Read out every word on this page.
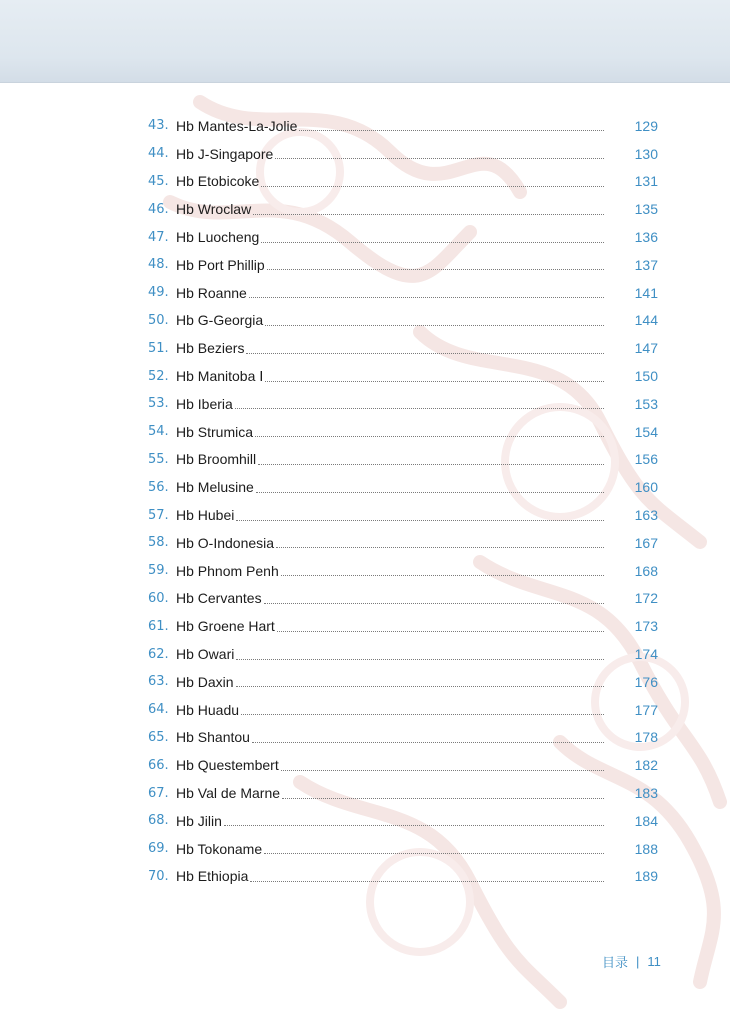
43. Hb Mantes-La-Jolie	129
44. Hb J-Singapore	130
45. Hb Etobicoke	131
46. Hb Wroclaw	135
47. Hb Luocheng	136
48. Hb Port Phillip	137
49. Hb Roanne	141
50. Hb G-Georgia	144
51. Hb Beziers	147
52. Hb Manitoba Ⅰ	150
53. Hb Iberia	153
54. Hb Strumica	154
55. Hb Broomhill	156
56. Hb Melusine	160
57. Hb Hubei	163
58. Hb O-Indonesia	167
59. Hb Phnom Penh	168
60. Hb Cervantes	172
61. Hb Groene Hart	173
62. Hb Owari	174
63. Hb Daxin	176
64. Hb Huadu	177
65. Hb Shantou	178
66. Hb Questembert	182
67. Hb Val de Marne	183
68. Hb Jilin	184
69. Hb Tokoname	188
70. Hb Ethiopia	189
目录 | 11
